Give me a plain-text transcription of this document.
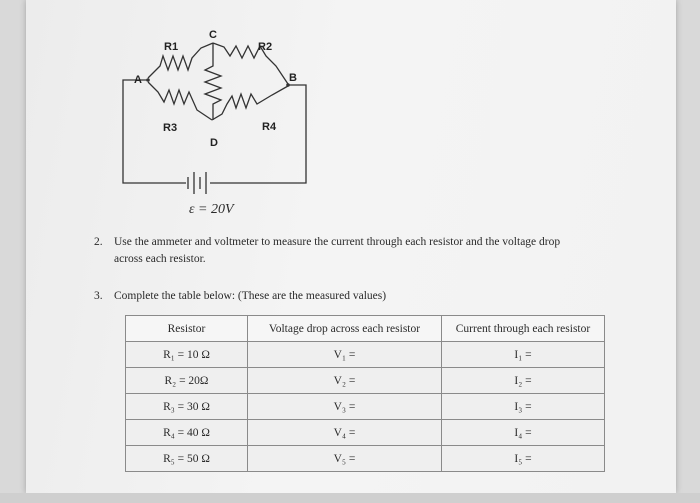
R1	R2
R3	R4
A	B
C
D
ε = 20V
2. Use the ammeter and voltmeter to measure the current through each resistor and the voltage drop
across each resistor.
3. Complete the table below: (These are the measured values)
Resistor	Voltage drop across each resistor	Current through each resistor
R₁ = 10 Ω	V₁ =	I₁ =
R₂ = 20Ω	V₂ =	I₂ =
R₃ = 30 Ω	V₃ =	I₃ =
R₄ = 40 Ω	V₄ =	I₄ =
R₅ = 50 Ω	V₅ =	I₅ =
